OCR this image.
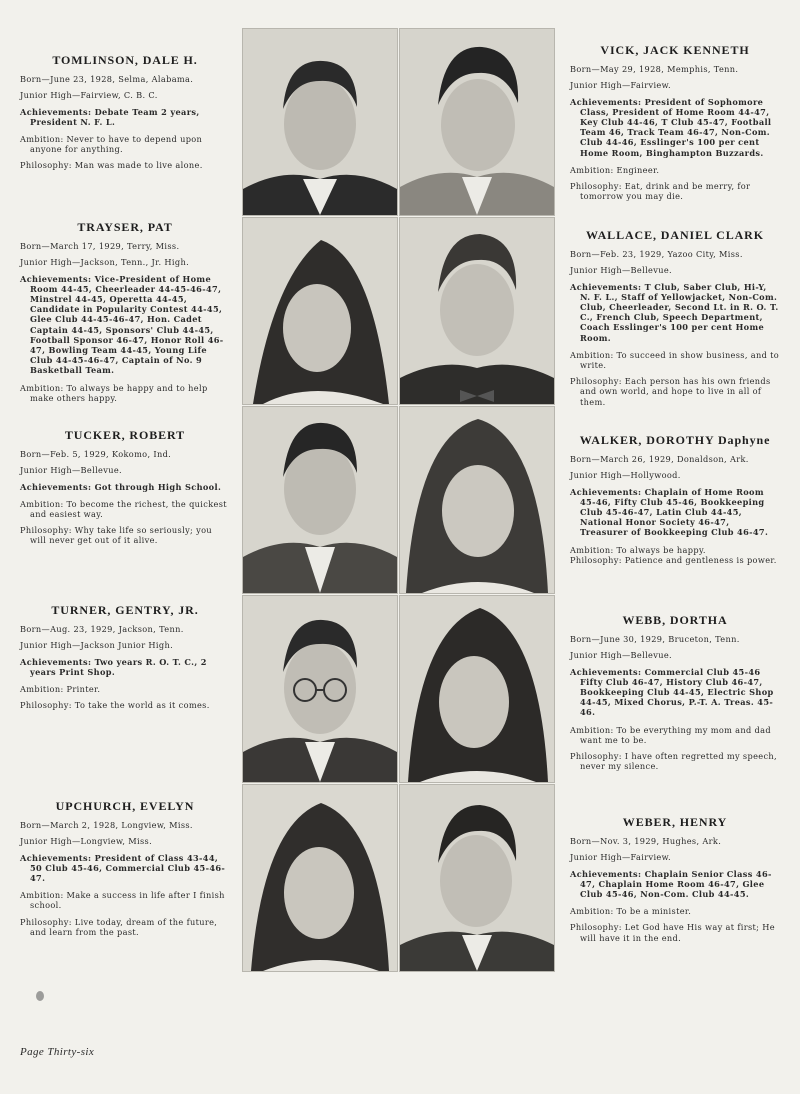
TOMLINSON, DALE H.
Born—June 23, 1928, Selma, Alabama.
Junior High—Fairview, C. B. C.
Achievements: Debate Team 2 years, President N. F. L.
Ambition: Never to have to depend upon anyone for anything.
Philosophy: Man was made to live alone.
TRAYSER, PAT
Born—March 17, 1929, Terry, Miss.
Junior High—Jackson, Tenn., Jr. High.
Achievements: Vice-President of Home Room 44-45, Cheerleader 44-45-46-47, Minstrel 44-45, Operetta 44-45, Candidate in Popularity Contest 44-45, Glee Club 44-45-46-47, Hon. Cadet Captain 44-45, Sponsors' Club 44-45, Football Sponsor 46-47, Honor Roll 46-47, Bowling Team 44-45, Young Life Club 44-45-46-47, Captain of No. 9 Basketball Team.
Ambition: To always be happy and to help make others happy.
TUCKER, ROBERT
Born—Feb. 5, 1929, Kokomo, Ind.
Junior High—Bellevue.
Achievements: Got through High School.
Ambition: To become the richest, the quickest and easiest way.
Philosophy: Why take life so seriously; you will never get out of it alive.
TURNER, GENTRY, JR.
Born—Aug. 23, 1929, Jackson, Tenn.
Junior High—Jackson Junior High.
Achievements: Two years R. O. T. C., 2 years Print Shop.
Ambition: Printer.
Philosophy: To take the world as it comes.
UPCHURCH, EVELYN
Born—March 2, 1928, Longview, Miss.
Junior High—Longview, Miss.
Achievements: President of Class 43-44, 50 Club 45-46, Commercial Club 45-46-47.
Ambition: Make a success in life after I finish school.
Philosophy: Live today, dream of the future, and learn from the past.
VICK, JACK KENNETH
Born—May 29, 1928, Memphis, Tenn.
Junior High—Fairview.
Achievements: President of Sophomore Class, President of Home Room 44-47, Key Club 44-46, T Club 45-47, Football Team 46, Track Team 46-47, Non-Com. Club 44-46, Esslinger's 100 per cent Home Room, Binghampton Buzzards.
Ambition: Engineer.
Philosophy: Eat, drink and be merry, for tomorrow you may die.
WALLACE, DANIEL CLARK
Born—Feb. 23, 1929, Yazoo City, Miss.
Junior High—Bellevue.
Achievements: T Club, Saber Club, Hi-Y, N. F. L., Staff of Yellowjacket, Non-Com. Club, Cheerleader, Second Lt. in R. O. T. C., French Club, Speech Department, Coach Esslinger's 100 per cent Home Room.
Ambition: To succeed in show business, and to write.
Philosophy: Each person has his own friends and own world, and hope to live in all of them.
WALKER, DOROTHY Daphyne
Born—March 26, 1929, Donaldson, Ark.
Junior High—Hollywood.
Achievements: Chaplain of Home Room 45-46, Fifty Club 45-46, Bookkeeping Club 45-46-47, Latin Club 44-45, National Honor Society 46-47, Treasurer of Bookkeeping Club 46-47.
Ambition: To always be happy.
Philosophy: Patience and gentleness is power.
WEBB, DORTHA
Born—June 30, 1929, Bruceton, Tenn.
Junior High—Bellevue.
Achievements: Commercial Club 45-46 Fifty Club 46-47, History Club 46-47, Bookkeeping Club 44-45, Electric Shop 44-45, Mixed Chorus, P.-T. A. Treas. 45-46.
Ambition: To be everything my mom and dad want me to be.
Philosophy: I have often regretted my speech, never my silence.
WEBER, HENRY
Born—Nov. 3, 1929, Hughes, Ark.
Junior High—Fairview.
Achievements: Chaplain Senior Class 46-47, Chaplain Home Room 46-47, Glee Club 45-46, Non-Com. Club 44-45.
Ambition: To be a minister.
Philosophy: Let God have His way at first; He will have it in the end.
Page Thirty-six
